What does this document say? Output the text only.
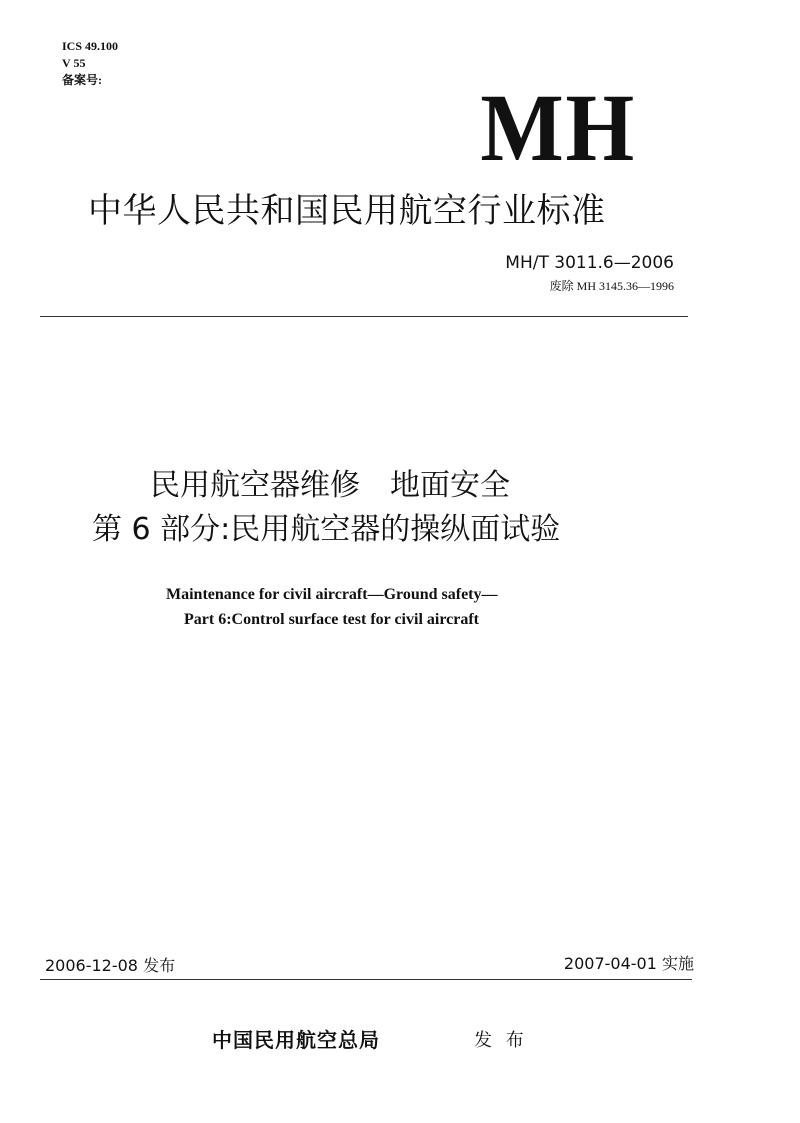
ICS 49.100
V 55
备案号:	MH
中华人民共和国民用航空行业标准
MH/T 3011.6—2006
废除 MH 3145.36—1996
民用航空器维修　地面安全
第 6 部分:民用航空器的操纵面试验
Maintenance for civil aircraft—Ground safety—
Part 6:Control surface test for civil aircraft
2006-12-08 发布	2007-04-01 实施
中国民用航空总局	发 布
